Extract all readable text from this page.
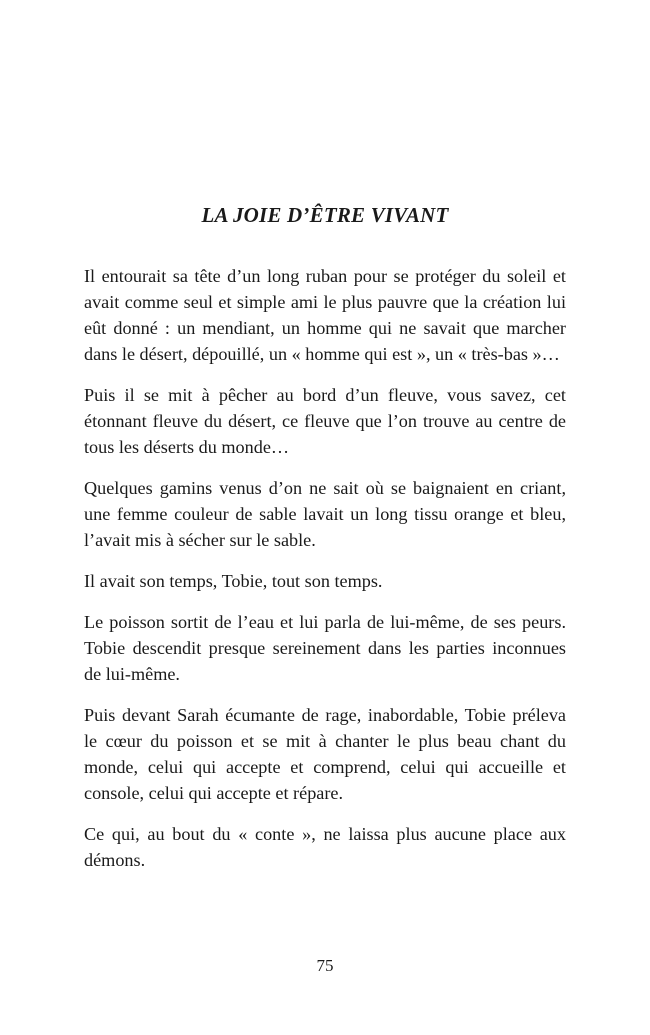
LA JOIE D’ÊTRE VIVANT

Il entourait sa tête d’un long ruban pour se protéger du soleil et avait comme seul et simple ami le plus pauvre que la création lui eût donné : un mendiant, un homme qui ne savait que marcher dans le désert, dépouillé, un « homme qui est », un « très-bas »…

Puis il se mit à pêcher au bord d’un fleuve, vous savez, cet étonnant fleuve du désert, ce fleuve que l’on trouve au centre de tous les déserts du monde…

Quelques gamins venus d’on ne sait où se baignaient en criant, une femme couleur de sable lavait un long tissu orange et bleu, l’avait mis à sécher sur le sable.

Il avait son temps, Tobie, tout son temps.

Le poisson sortit de l’eau et lui parla de lui-même, de ses peurs. Tobie descendit presque sereinement dans les parties inconnues de lui-même.

Puis devant Sarah écumante de rage, inabordable, Tobie préleva le cœur du poisson et se mit à chanter le plus beau chant du monde, celui qui accepte et comprend, celui qui accueille et console, celui qui accepte et répare.

Ce qui, au bout du « conte », ne laissa plus aucune place aux démons.

75
